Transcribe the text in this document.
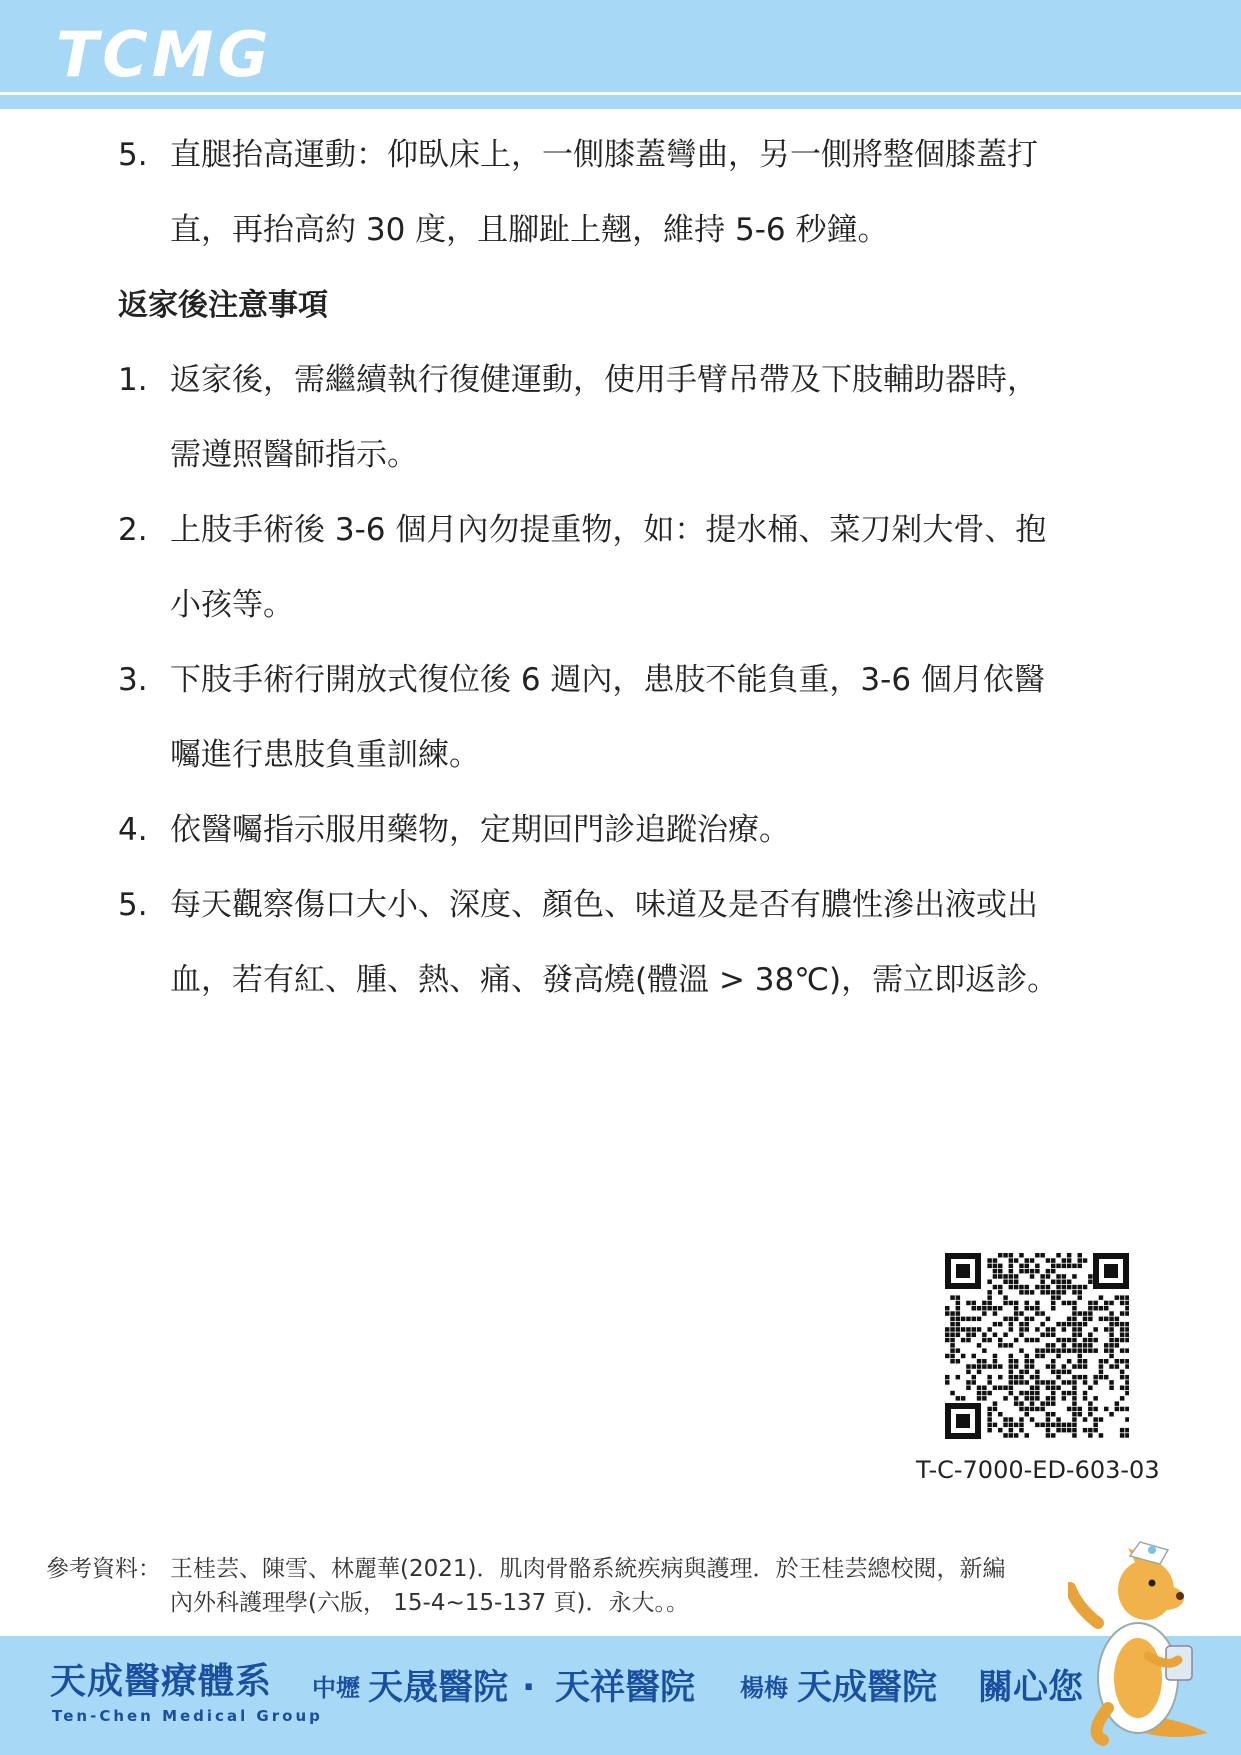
TCMG
5. 直腿抬高運動：仰臥床上，一側膝蓋彎曲，另一側將整個膝蓋打
直，再抬高約 30 度，且腳趾上翹，維持 5-6 秒鐘。
返家後注意事項
1. 返家後，需繼續執行復健運動，使用手臂吊帶及下肢輔助器時，
需遵照醫師指示。
2. 上肢手術後 3-6 個月內勿提重物，如：提水桶、菜刀剁大骨、抱
小孩等。
3. 下肢手術行開放式復位後 6 週內，患肢不能負重，3-6 個月依醫
囑進行患肢負重訓練。
4. 依醫囑指示服用藥物，定期回門診追蹤治療。
5. 每天觀察傷口大小、深度、顏色、味道及是否有膿性滲出液或出
血，若有紅、腫、熱、痛、發高燒(體溫 > 38℃)，需立即返診。
T-C-7000-ED-603-03
參考資料： 王桂芸、陳雪、林麗華(2021)．肌肉骨骼系統疾病與護理．於王桂芸總校閱，新編
內外科護理學(六版， 15-4~15-137 頁)．永大。。
天成醫療體系
Ten-Chen Medical Group
中壢 天晟醫院 · 天祥醫院 楊梅 天成醫院 關心您
